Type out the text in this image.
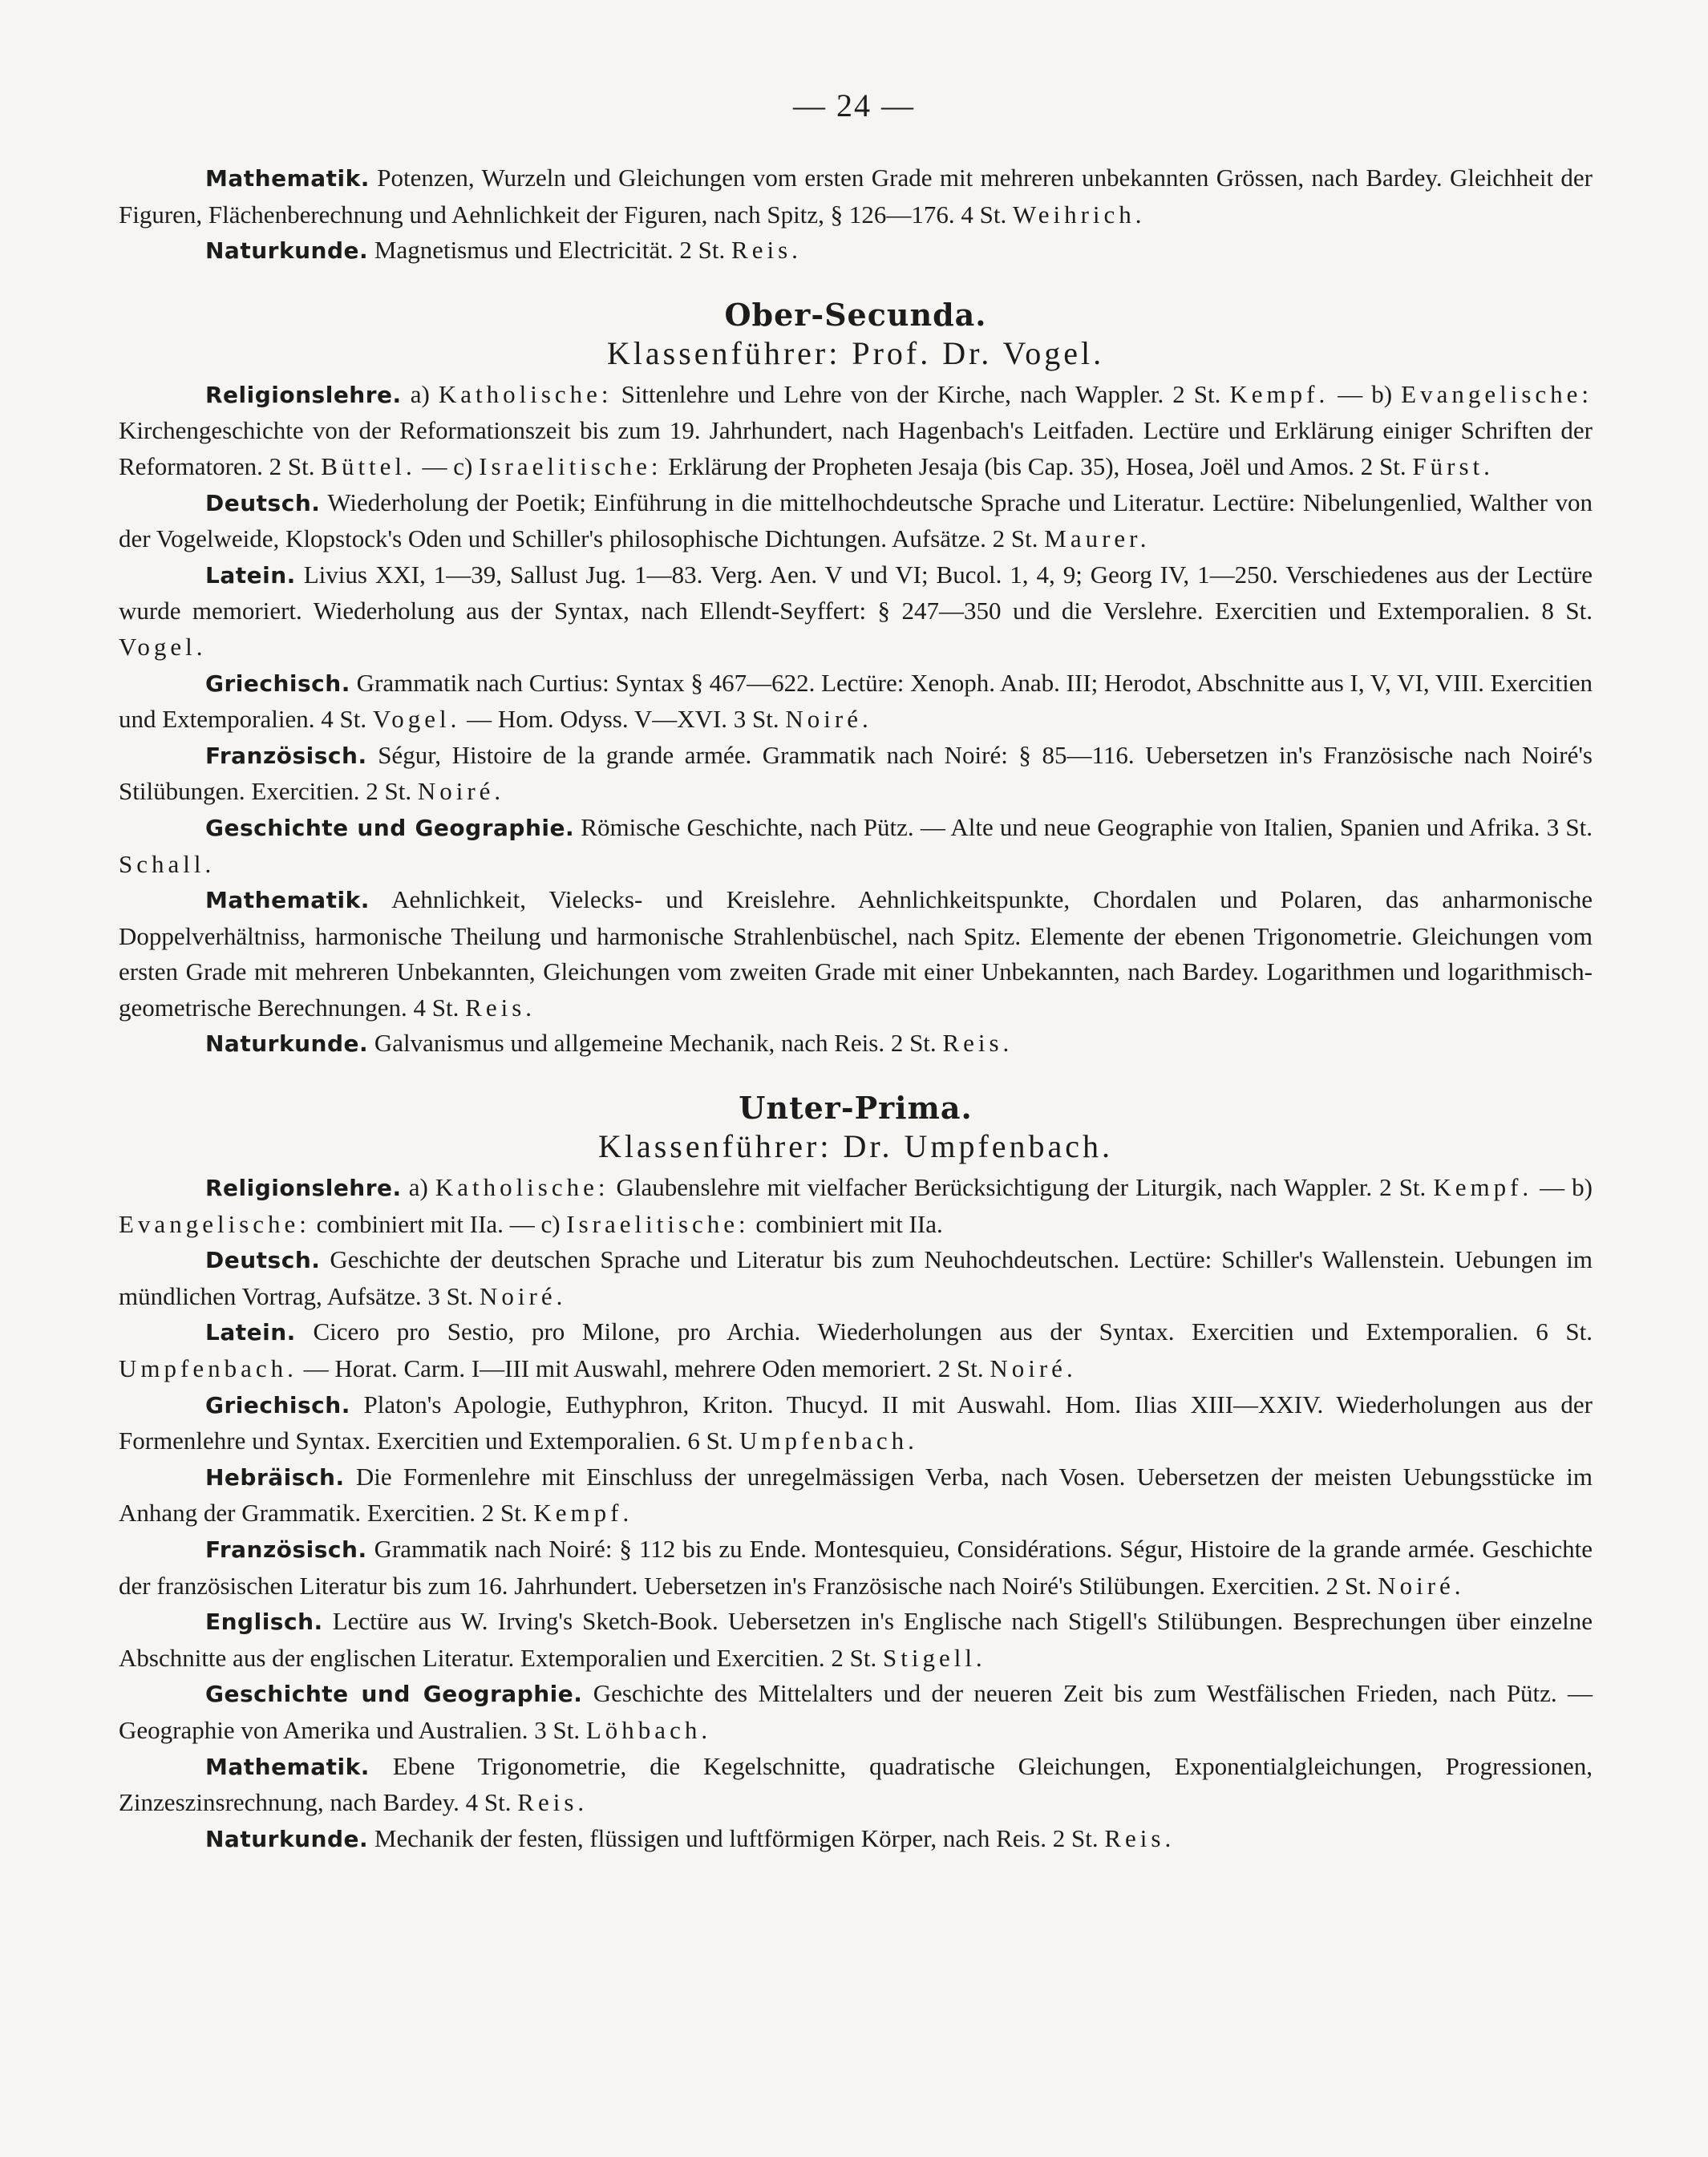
— 24 —

Mathematik. Potenzen, Wurzeln und Gleichungen vom ersten Grade mit mehreren unbekannten Grössen, nach Bardey. Gleichheit der Figuren, Flächenberechnung und Aehnlichkeit der Figuren, nach Spitz, § 126—176. 4 St. Weihrich.

Naturkunde. Magnetismus und Electricität. 2 St. Reis.

Ober-Secunda.
Klassenführer: Prof. Dr. Vogel.

Religionslehre. a) Katholische: Sittenlehre und Lehre von der Kirche, nach Wappler. 2 St. Kempf. — b) Evangelische: Kirchengeschichte von der Reformationszeit bis zum 19. Jahrhundert, nach Hagenbach's Leitfaden. Lectüre und Erklärung einiger Schriften der Reformatoren. 2 St. Büttel. — c) Israelitische: Erklärung der Propheten Jesaja (bis Cap. 35), Hosea, Joël und Amos. 2 St. Fürst.

Deutsch. Wiederholung der Poetik; Einführung in die mittelhochdeutsche Sprache und Literatur. Lectüre: Nibelungenlied, Walther von der Vogelweide, Klopstock's Oden und Schiller's philosophische Dichtungen. Aufsätze. 2 St. Maurer.

Latein. Livius XXI, 1—39, Sallust Jug. 1—83. Verg. Aen. V und VI; Bucol. 1, 4, 9; Georg IV, 1—250. Verschiedenes aus der Lectüre wurde memoriert. Wiederholung aus der Syntax, nach Ellendt-Seyffert: § 247—350 und die Verslehre. Exercitien und Extemporalien. 8 St. Vogel.

Griechisch. Grammatik nach Curtius: Syntax § 467—622. Lectüre: Xenoph. Anab. III; Herodot, Abschnitte aus I, V, VI, VIII. Exercitien und Extemporalien. 4 St. Vogel. — Hom. Odyss. V—XVI. 3 St. Noiré.

Französisch. Ségur, Histoire de la grande armée. Grammatik nach Noiré: § 85—116. Uebersetzen in's Französische nach Noiré's Stilübungen. Exercitien. 2 St. Noiré.

Geschichte und Geographie. Römische Geschichte, nach Pütz. — Alte und neue Geographie von Italien, Spanien und Afrika. 3 St. Schall.

Mathematik. Aehnlichkeit, Vielecks- und Kreislehre. Aehnlichkeitspunkte, Chordalen und Polaren, das anharmonische Doppelverhältniss, harmonische Theilung und harmonische Strahlenbüschel, nach Spitz. Elemente der ebenen Trigonometrie. Gleichungen vom ersten Grade mit mehreren Unbekannten, Gleichungen vom zweiten Grade mit einer Unbekannten, nach Bardey. Logarithmen und logarithmisch-geometrische Berechnungen. 4 St. Reis.

Naturkunde. Galvanismus und allgemeine Mechanik, nach Reis. 2 St. Reis.

Unter-Prima.
Klassenführer: Dr. Umpfenbach.

Religionslehre. a) Katholische: Glaubenslehre mit vielfacher Berücksichtigung der Liturgik, nach Wappler. 2 St. Kempf. — b) Evangelische: combiniert mit IIa. — c) Israelitische: combiniert mit IIa.

Deutsch. Geschichte der deutschen Sprache und Literatur bis zum Neuhochdeutschen. Lectüre: Schiller's Wallenstein. Uebungen im mündlichen Vortrag, Aufsätze. 3 St. Noiré.

Latein. Cicero pro Sestio, pro Milone, pro Archia. Wiederholungen aus der Syntax. Exercitien und Extemporalien. 6 St. Umpfenbach. — Horat. Carm. I—III mit Auswahl, mehrere Oden memoriert. 2 St. Noiré.

Griechisch. Platon's Apologie, Euthyphron, Kriton. Thucyd. II mit Auswahl. Hom. Ilias XIII—XXIV. Wiederholungen aus der Formenlehre und Syntax. Exercitien und Extemporalien. 6 St. Umpfenbach.

Hebräisch. Die Formenlehre mit Einschluss der unregelmässigen Verba, nach Vosen. Uebersetzen der meisten Uebungsstücke im Anhang der Grammatik. Exercitien. 2 St. Kempf.

Französisch. Grammatik nach Noiré: § 112 bis zu Ende. Montesquieu, Considérations. Ségur, Histoire de la grande armée. Geschichte der französischen Literatur bis zum 16. Jahrhundert. Uebersetzen in's Französische nach Noiré's Stilübungen. Exercitien. 2 St. Noiré.

Englisch. Lectüre aus W. Irving's Sketch-Book. Uebersetzen in's Englische nach Stigell's Stilübungen. Besprechungen über einzelne Abschnitte aus der englischen Literatur. Extemporalien und Exercitien. 2 St. Stigell.

Geschichte und Geographie. Geschichte des Mittelalters und der neueren Zeit bis zum Westfälischen Frieden, nach Pütz. — Geographie von Amerika und Australien. 3 St. Löhbach.

Mathematik. Ebene Trigonometrie, die Kegelschnitte, quadratische Gleichungen, Exponentialgleichungen, Progressionen, Zinzeszinsrechnung, nach Bardey. 4 St. Reis.

Naturkunde. Mechanik der festen, flüssigen und luftförmigen Körper, nach Reis. 2 St. Reis.
